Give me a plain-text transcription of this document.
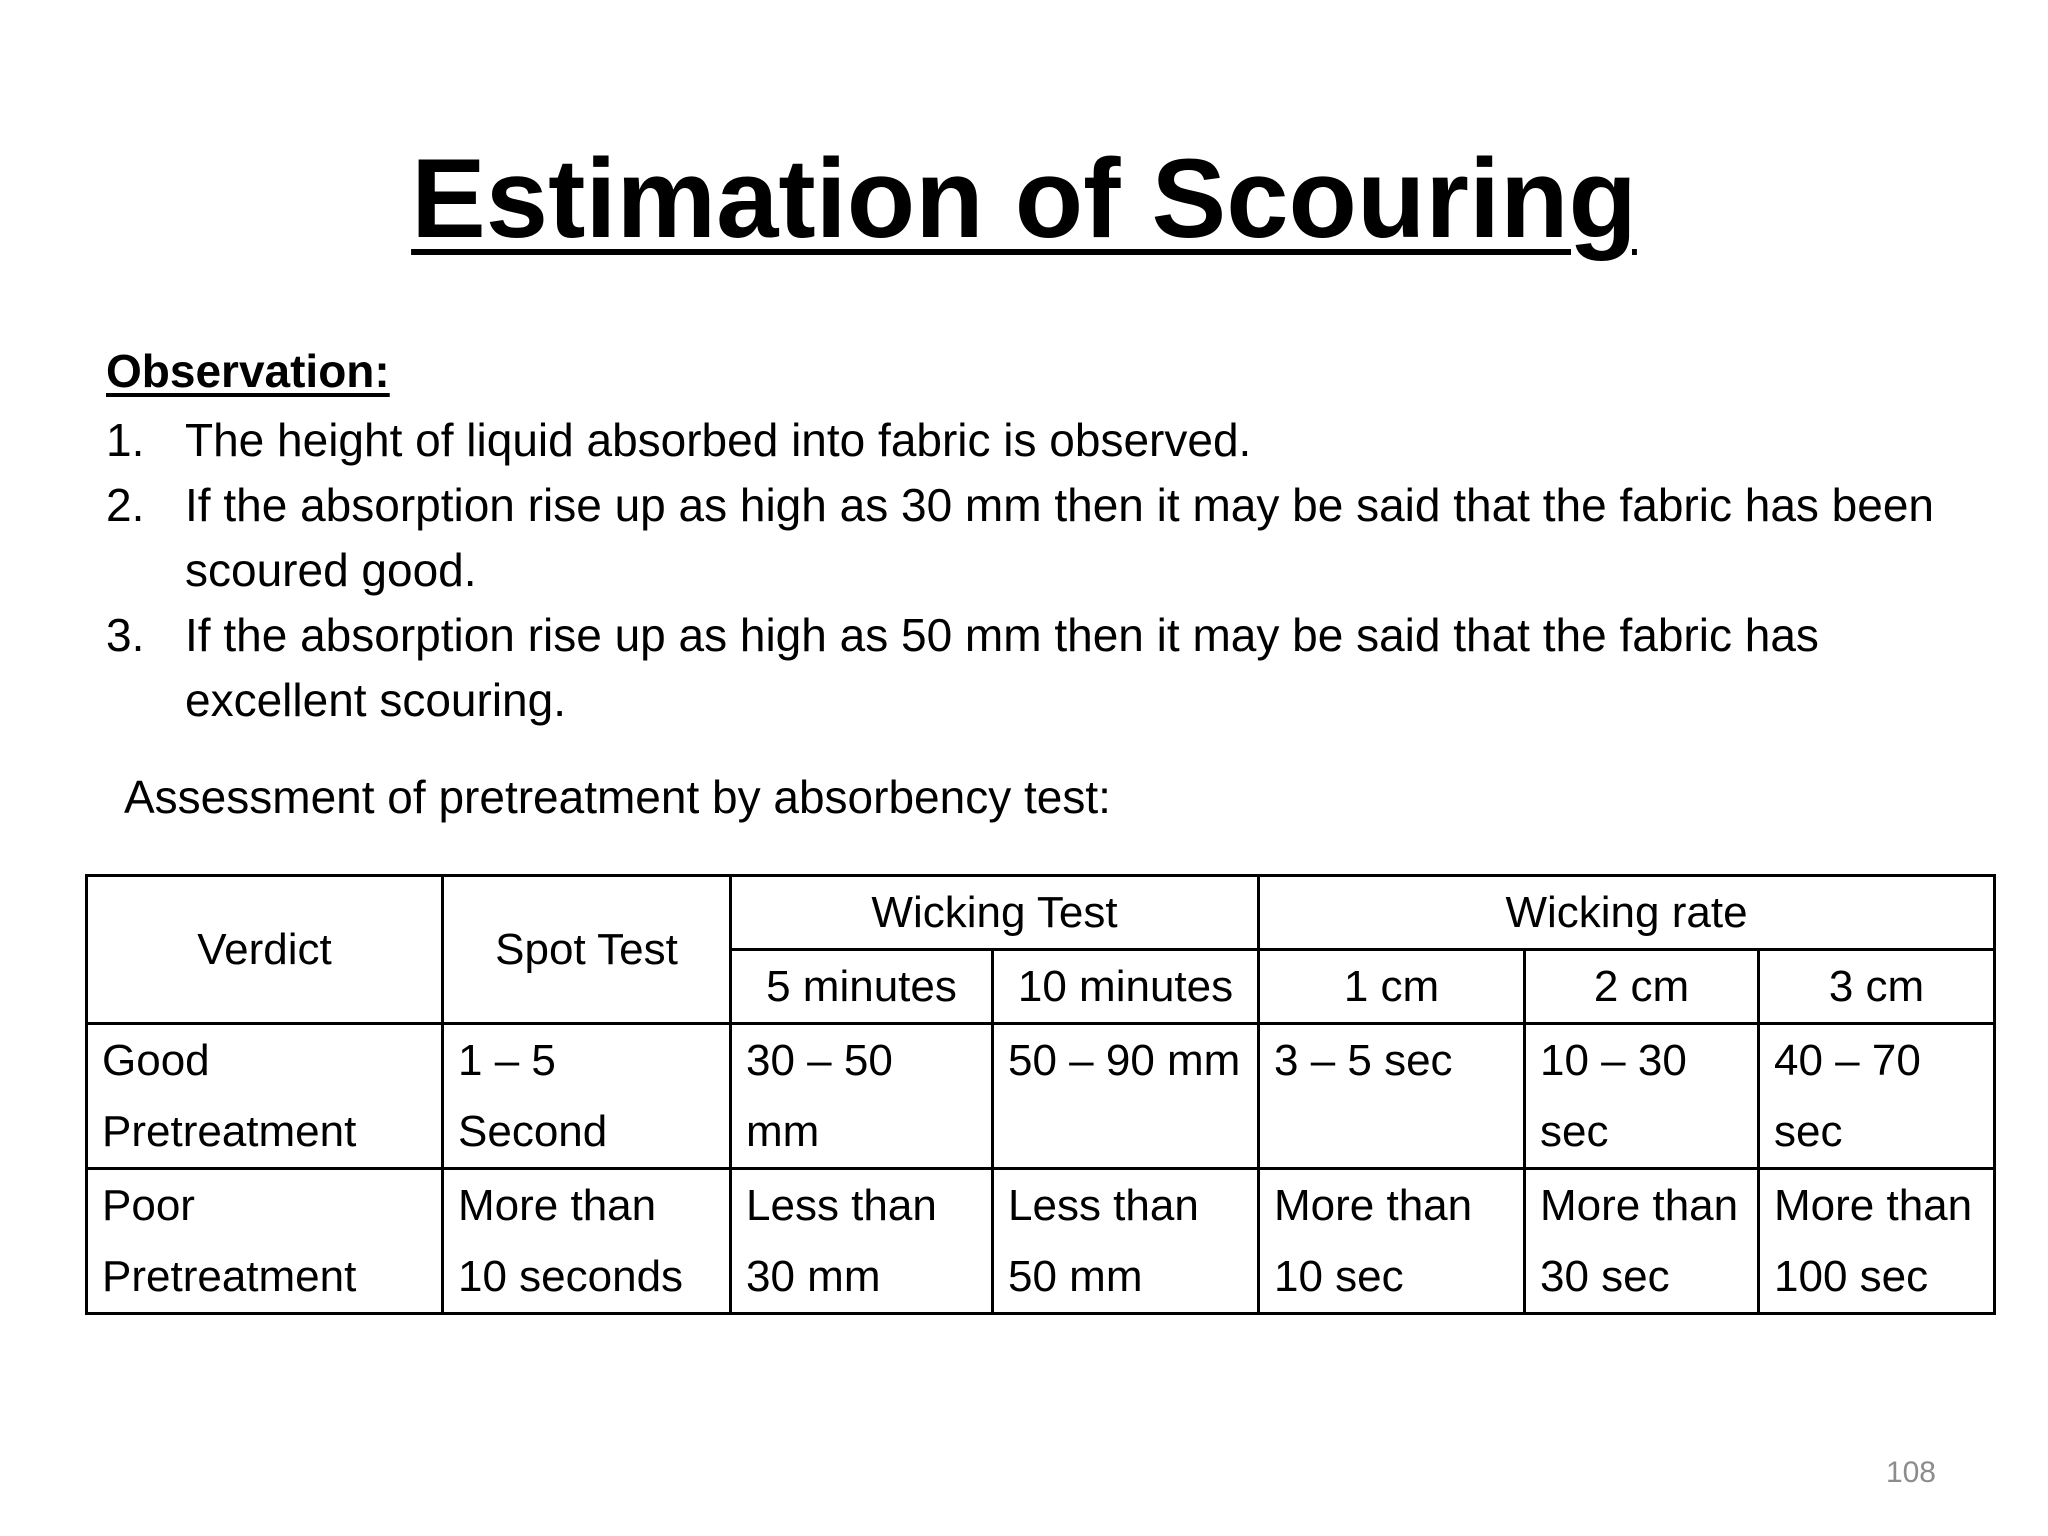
Estimation of Scouring
Observation:
1. The height of liquid absorbed into fabric is observed.
2. If the absorption rise up as high as 30 mm then it may be said that the fabric has been scoured good.
3. If the absorption rise up as high as 50 mm then it may be said that the fabric has excellent scouring.
Assessment of pretreatment by absorbency test:
Verdict	Spot Test	Wicking Test		Wicking rate		
		5 minutes	10 minutes	1 cm	2 cm	3 cm
Good Pretreatment	1 – 5 Second	30 – 50 mm	50 – 90 mm	3 – 5 sec	10 – 30 sec	40 – 70 sec
Poor Pretreatment	More than 10 seconds	Less than 30 mm	Less than 50 mm	More than 10 sec	More than 30 sec	More than 100 sec
108
